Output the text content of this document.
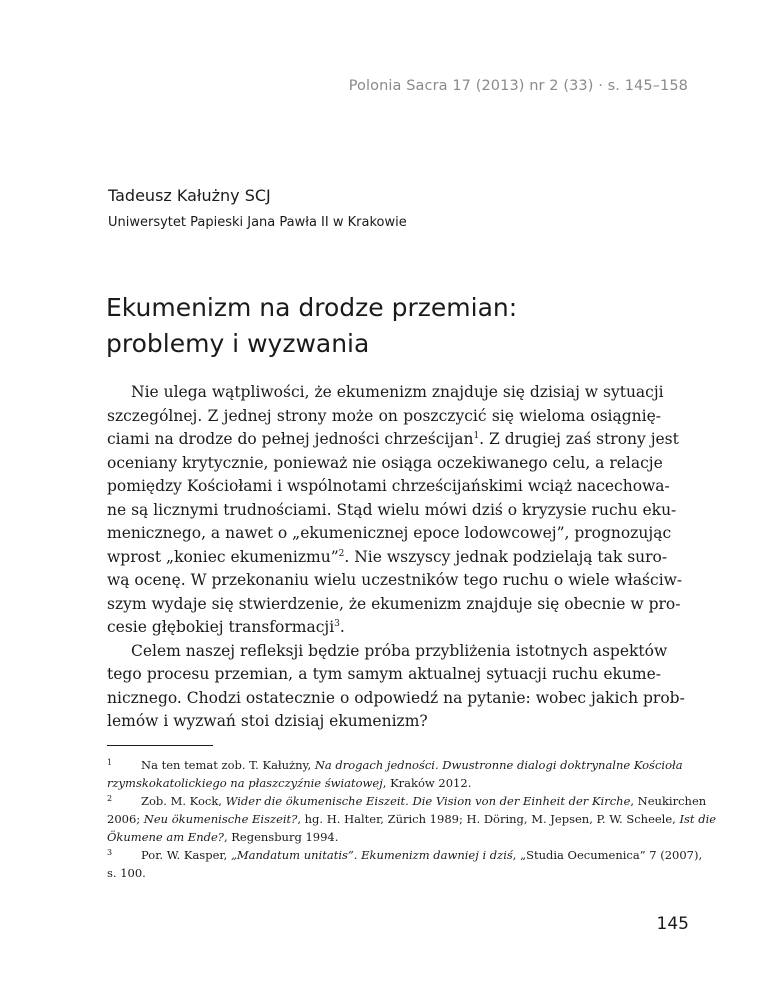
Polonia Sacra 17 (2013) nr 2 (33) · s. 145–158
Tadeusz Kałużny SCJ
Uniwersytet Papieski Jana Pawła II w Krakowie
Ekumenizm na drodze przemian:
problemy i wyzwania
Nie ulega wątpliwości, że ekumenizm znajduje się dzisiaj w sytuacji
szczególnej. Z jednej strony może on poszczycić się wieloma osiągnię-
ciami na drodze do pełnej jedności chrześcijan$^1$. Z drugiej zaś strony jest
oceniany krytycznie, ponieważ nie osiąga oczekiwanego celu, a relacje
pomiędzy Kościołami i wspólnotami chrześcijańskimi wciąż nacechowa-
ne są licznymi trudnościami. Stąd wielu mówi dziś o kryzysie ruchu eku-
menicznego, a nawet o „ekumenicznej epoce lodowcowej”, prognozując
wprost „koniec ekumenizmu”$^2$. Nie wszyscy jednak podzielają tak suro-
wą ocenę. W przekonaniu wielu uczestników tego ruchu o wiele właściw-
szym wydaje się stwierdzenie, że ekumenizm znajduje się obecnie w pro-
cesie głębokiej transformacji$^3$.
Celem naszej refleksji będzie próba przybliżenia istotnych aspektów
tego procesu przemian, a tym samym aktualnej sytuacji ruchu ekume-
nicznego. Chodzi ostatecznie o odpowiedź na pytanie: wobec jakich prob-
lemów i wyzwań stoi dzisiaj ekumenizm?
1	Na ten temat zob. T. Kałużny, Na drogach jedności. Dwustronne dialogi doktrynalne Kościoła
rzymskokatolickiego na płaszczyźnie światowej, Kraków 2012.
2	Zob. M. Kock, Wider die ökumenische Eiszeit. Die Vision von der Einheit der Kirche, Neukirchen
2006; Neu ökumenische Eiszeit?, hg. H. Halter, Zürich 1989; H. Döring, M. Jepsen, P. W. Scheele, Ist die
Ökumene am Ende?, Regensburg 1994.
3	Por. W. Kasper, „Mandatum unitatis”. Ekumenizm dawniej i dziś, „Studia Oecumenica” 7 (2007),
s. 100.
145
